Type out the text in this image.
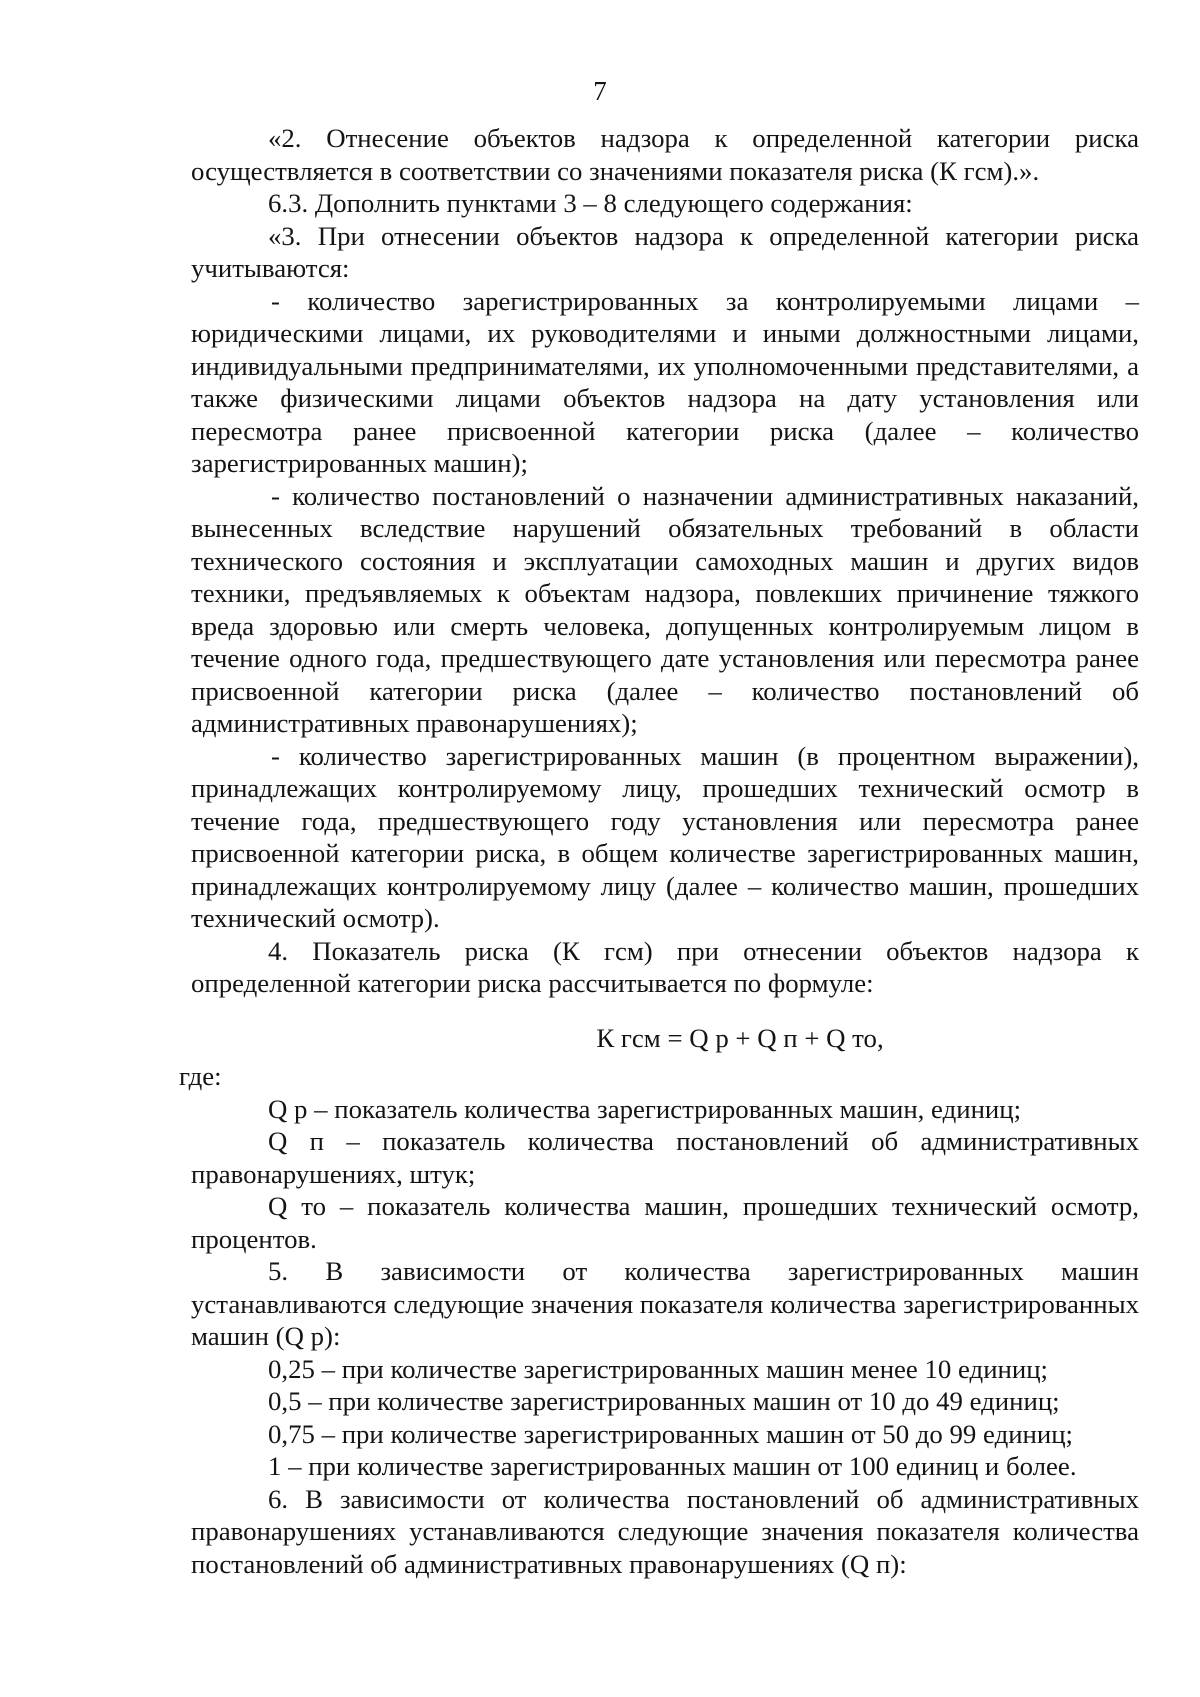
7

«2. Отнесение объектов надзора к определенной категории риска осуществляется в соответствии со значениями показателя риска (К гсм).».

6.3. Дополнить пунктами 3 – 8 следующего содержания:

«3. При отнесении объектов надзора к определенной категории риска учитываются:

- количество зарегистрированных за контролируемыми лицами – юридическими лицами, их руководителями и иными должностными лицами, индивидуальными предпринимателями, их уполномоченными представителями, а также физическими лицами объектов надзора на дату установления или пересмотра ранее присвоенной категории риска (далее – количество зарегистрированных машин);

- количество постановлений о назначении административных наказаний, вынесенных вследствие нарушений обязательных требований в области технического состояния и эксплуатации самоходных машин и других видов техники, предъявляемых к объектам надзора, повлекших причинение тяжкого вреда здоровью или смерть человека, допущенных контролируемым лицом в течение одного года, предшествующего дате установления или пересмотра ранее присвоенной категории риска (далее – количество постановлений об административных правонарушениях);

- количество зарегистрированных машин (в процентном выражении), принадлежащих контролируемому лицу, прошедших технический осмотр в течение года, предшествующего году установления или пересмотра ранее присвоенной категории риска, в общем количестве зарегистрированных машин, принадлежащих контролируемому лицу (далее – количество машин, прошедших технический осмотр).

4. Показатель риска (К гсм) при отнесении объектов надзора к определенной категории риска рассчитывается по формуле:

К гсм = Q р + Q п + Q то,

где:

Q р – показатель количества зарегистрированных машин, единиц;

Q п – показатель количества постановлений об административных правонарушениях, штук;

Q то – показатель количества машин, прошедших технический осмотр, процентов.

5. В зависимости от количества зарегистрированных машин устанавливаются следующие значения показателя количества зарегистрированных машин (Q р):

0,25 – при количестве зарегистрированных машин менее 10 единиц;

0,5 – при количестве зарегистрированных машин от 10 до 49 единиц;

0,75 – при количестве зарегистрированных машин от 50 до 99 единиц;

1 – при количестве зарегистрированных машин от 100 единиц и более.

6. В зависимости от количества постановлений об административных правонарушениях устанавливаются следующие значения показателя количества постановлений об административных правонарушениях (Q п):
